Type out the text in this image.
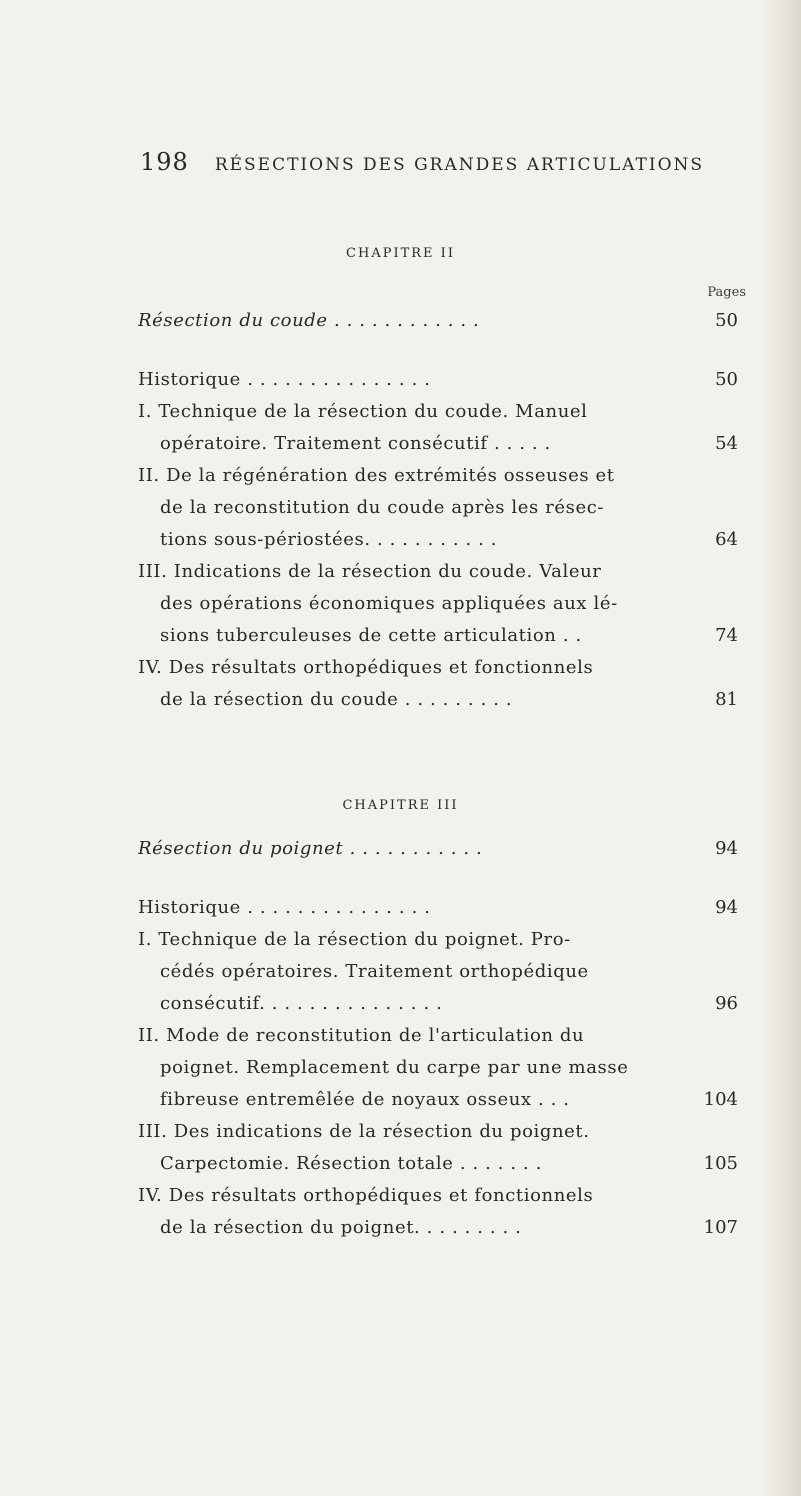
198 RÉSECTIONS DES GRANDES ARTICULATIONS
CHAPITRE II
Pages
Résection du coude . . . . . . . . . . . .	50
Historique . . . . . . . . . . . . . . .	50
I. Technique de la résection du coude. Manuel
opératoire. Traitement consécutif . . . . .	54
II. De la régénération des extrémités osseuses et
de la reconstitution du coude après les résec-
tions sous-périostées. . . . . . . . . . .	64
III. Indications de la résection du coude. Valeur
des opérations économiques appliquées aux lé-
sions tuberculeuses de cette articulation . .	74
IV. Des résultats orthopédiques et fonctionnels
de la résection du coude . . . . . . . . .	81
CHAPITRE III
Résection du poignet . . . . . . . . . . .	94
Historique . . . . . . . . . . . . . . .	94
I. Technique de la résection du poignet. Pro-
cédés opératoires. Traitement orthopédique
consécutif. . . . . . . . . . . . . . .	96
II. Mode de reconstitution de l'articulation du
poignet. Remplacement du carpe par une masse
fibreuse entremêlée de noyaux osseux . . .	104
III. Des indications de la résection du poignet.
Carpectomie. Résection totale . . . . . . .	105
IV. Des résultats orthopédiques et fonctionnels
de la résection du poignet. . . . . . . . .	107
